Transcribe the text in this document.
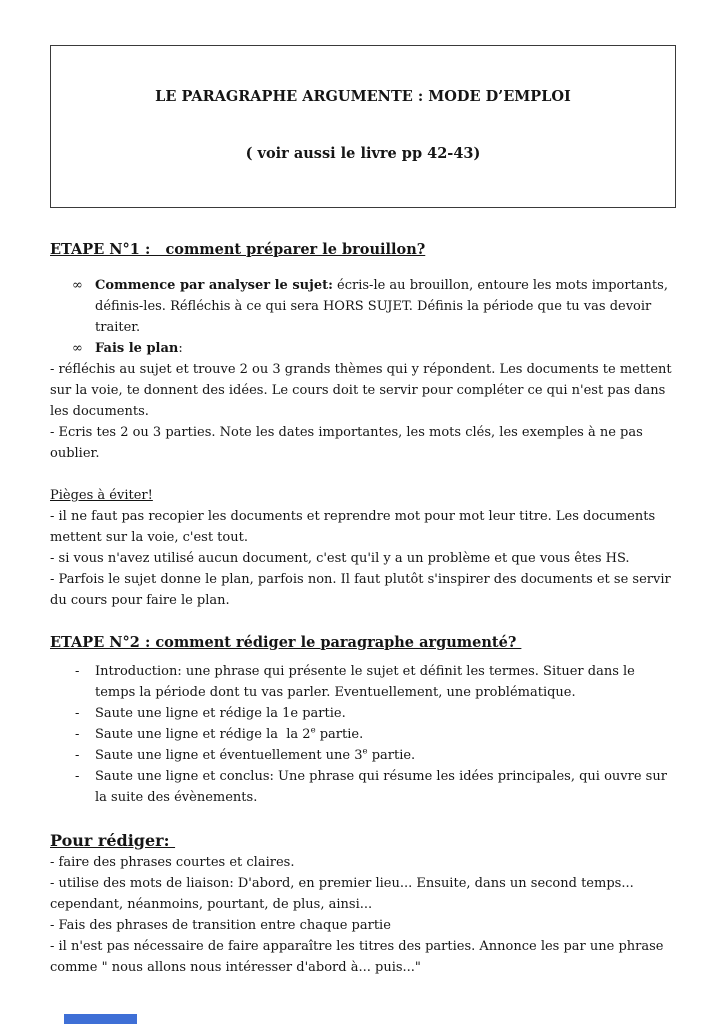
LE PARAGRAPHE ARGUMENTE : MODE D’EMPLOI

( voir aussi le livre pp 42-43)

ETAPE N°1 :   comment préparer le brouillon?
∞ Commence par analyser le sujet: écris-le au brouillon, entoure les mots importants, définis-les. Réfléchis à ce qui sera HORS SUJET. Définis la période que tu vas devoir traiter.
∞ Fais le plan:

- réfléchis au sujet et trouve 2 ou 3 grands thèmes qui y répondent. Les documents te mettent sur la voie, te donnent des idées. Le cours doit te servir pour compléter ce qui n'est pas dans les documents.

- Ecris tes 2 ou 3 parties. Note les dates importantes, les mots clés, les exemples à ne pas oublier.

Pièges à éviter!

- il ne faut pas recopier les documents et reprendre mot pour mot leur titre. Les documents mettent sur la voie, c'est tout.

- si vous n'avez utilisé aucun document, c'est qu'il y a un problème et que vous êtes HS.

- Parfois le sujet donne le plan, parfois non. Il faut plutôt s'inspirer des documents et se servir du cours pour faire le plan.

ETAPE N°2 : comment rédiger le paragraphe argumenté?
-	Introduction: une phrase qui présente le sujet et définit les termes. Situer dans le temps la période dont tu vas parler. Eventuellement, une problématique.
-	Saute une ligne et rédige la 1e partie.
-	Saute une ligne et rédige la  la 2e partie.
-	Saute une ligne et éventuellement une 3e partie.
-	Saute une ligne et conclus: Une phrase qui résume les idées principales, qui ouvre sur la suite des évènements.
Pour rédiger:

- faire des phrases courtes et claires.

- utilise des mots de liaison: D'abord, en premier lieu... Ensuite, dans un second temps... cependant, néanmoins, pourtant, de plus, ainsi...

- Fais des phrases de transition entre chaque partie

- il n'est pas nécessaire de faire apparaître les titres des parties. Annonce les par une phrase comme " nous allons nous intéresser d'abord à... puis..."
